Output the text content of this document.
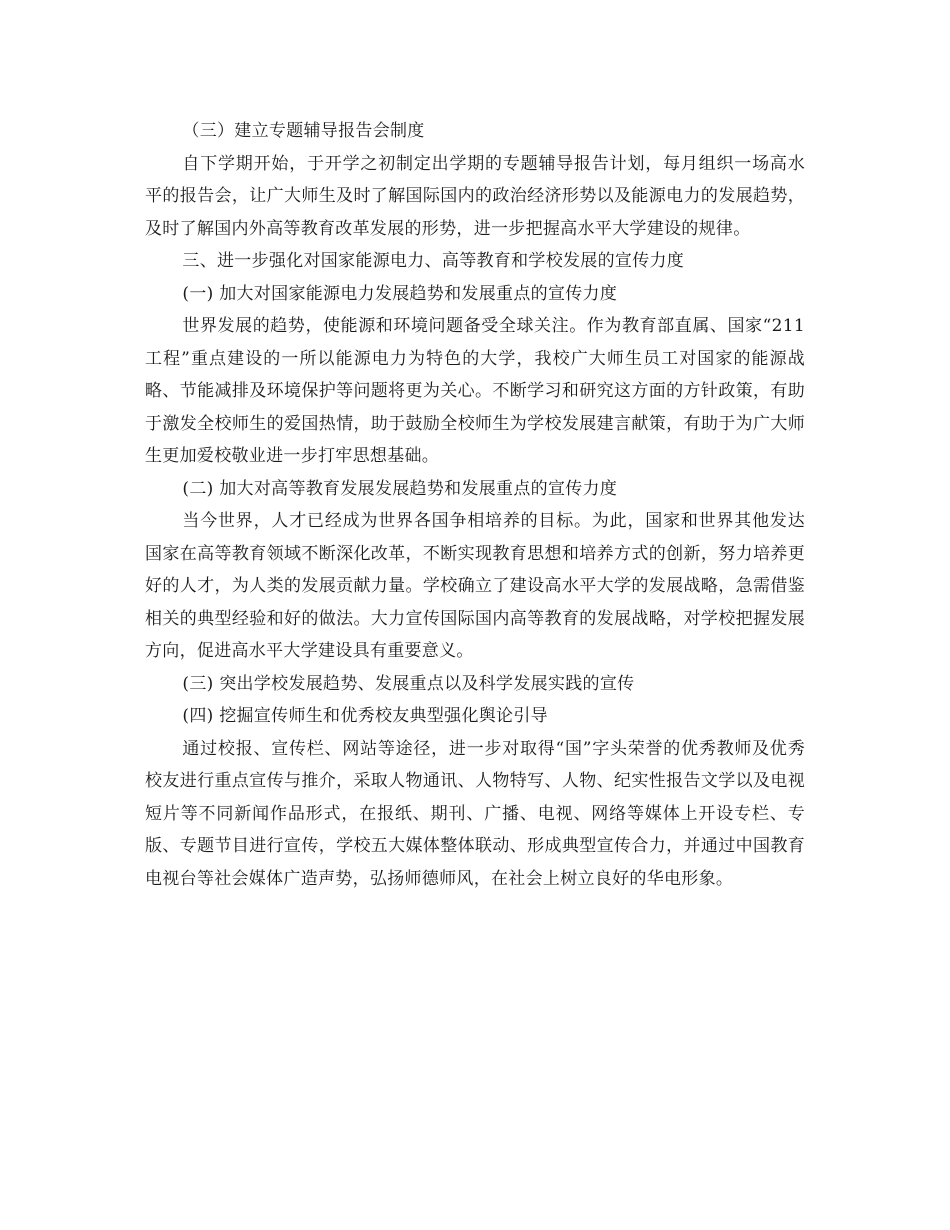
（三）建立专题辅导报告会制度

自下学期开始，于开学之初制定出学期的专题辅导报告计划，每月组织一场高水平的报告会，让广大师生及时了解国际国内的政治经济形势以及能源电力的发展趋势，及时了解国内外高等教育改革发展的形势，进一步把握高水平大学建设的规律。

三、进一步强化对国家能源电力、高等教育和学校发展的宣传力度

(一) 加大对国家能源电力发展趋势和发展重点的宣传力度

世界发展的趋势，使能源和环境问题备受全球关注。作为教育部直属、国家“211工程”重点建设的一所以能源电力为特色的大学，我校广大师生员工对国家的能源战略、节能减排及环境保护等问题将更为关心。不断学习和研究这方面的方针政策，有助于激发全校师生的爱国热情，助于鼓励全校师生为学校发展建言献策，有助于为广大师生更加爱校敬业进一步打牢思想基础。

(二) 加大对高等教育发展发展趋势和发展重点的宣传力度

当今世界，人才已经成为世界各国争相培养的目标。为此，国家和世界其他发达国家在高等教育领域不断深化改革，不断实现教育思想和培养方式的创新，努力培养更好的人才，为人类的发展贡献力量。学校确立了建设高水平大学的发展战略，急需借鉴相关的典型经验和好的做法。大力宣传国际国内高等教育的发展战略，对学校把握发展方向，促进高水平大学建设具有重要意义。

(三) 突出学校发展趋势、发展重点以及科学发展实践的宣传

(四) 挖掘宣传师生和优秀校友典型强化舆论引导

通过校报、宣传栏、网站等途径，进一步对取得“国”字头荣誉的优秀教师及优秀校友进行重点宣传与推介，采取人物通讯、人物特写、人物、纪实性报告文学以及电视短片等不同新闻作品形式，在报纸、期刊、广播、电视、网络等媒体上开设专栏、专版、专题节目进行宣传，学校五大媒体整体联动、形成典型宣传合力，并通过中国教育电视台等社会媒体广造声势，弘扬师德师风，在社会上树立良好的华电形象。
